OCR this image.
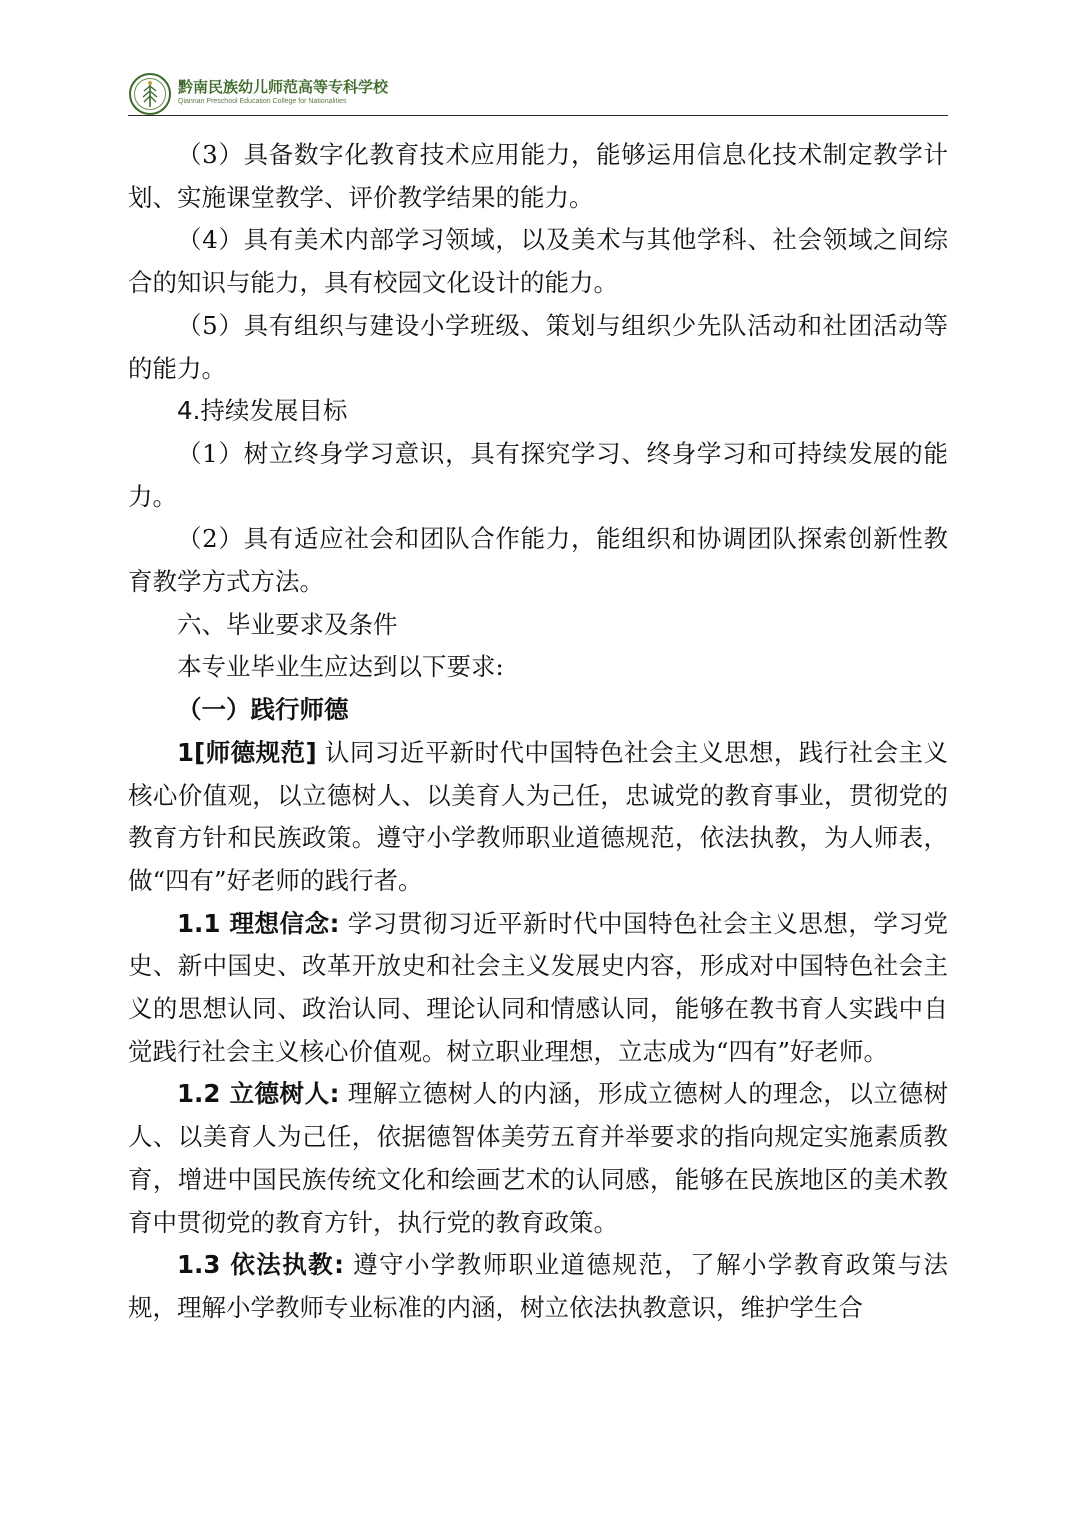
黔南民族幼儿师范高等专科学校
Qiannan Preschool Education College for Nationalities

（3）具备数字化教育技术应用能力，能够运用信息化技术制定教学计划、实施课堂教学、评价教学结果的能力。

（4）具有美术内部学习领域，以及美术与其他学科、社会领域之间综合的知识与能力，具有校园文化设计的能力。

（5）具有组织与建设小学班级、策划与组织少先队活动和社团活动等的能力。

4.持续发展目标

（1）树立终身学习意识，具有探究学习、终身学习和可持续发展的能力。

（2）具有适应社会和团队合作能力，能组织和协调团队探索创新性教育教学方式方法。

六、毕业要求及条件

本专业毕业生应达到以下要求:

（一）践行师德

1[师德规范] 认同习近平新时代中国特色社会主义思想，践行社会主义核心价值观，以立德树人、以美育人为己任，忠诚党的教育事业，贯彻党的教育方针和民族政策。遵守小学教师职业道德规范，依法执教，为人师表，做“四有”好老师的践行者。

1.1 理想信念: 学习贯彻习近平新时代中国特色社会主义思想，学习党史、新中国史、改革开放史和社会主义发展史内容，形成对中国特色社会主义的思想认同、政治认同、理论认同和情感认同，能够在教书育人实践中自觉践行社会主义核心价值观。树立职业理想，立志成为“四有”好老师。

1.2 立德树人: 理解立德树人的内涵，形成立德树人的理念，以立德树人、以美育人为己任，依据德智体美劳五育并举要求的指向规定实施素质教育，增进中国民族传统文化和绘画艺术的认同感，能够在民族地区的美术教育中贯彻党的教育方针，执行党的教育政策。

1.3 依法执教: 遵守小学教师职业道德规范，了解小学教育政策与法规，理解小学教师专业标准的内涵，树立依法执教意识，维护学生合
